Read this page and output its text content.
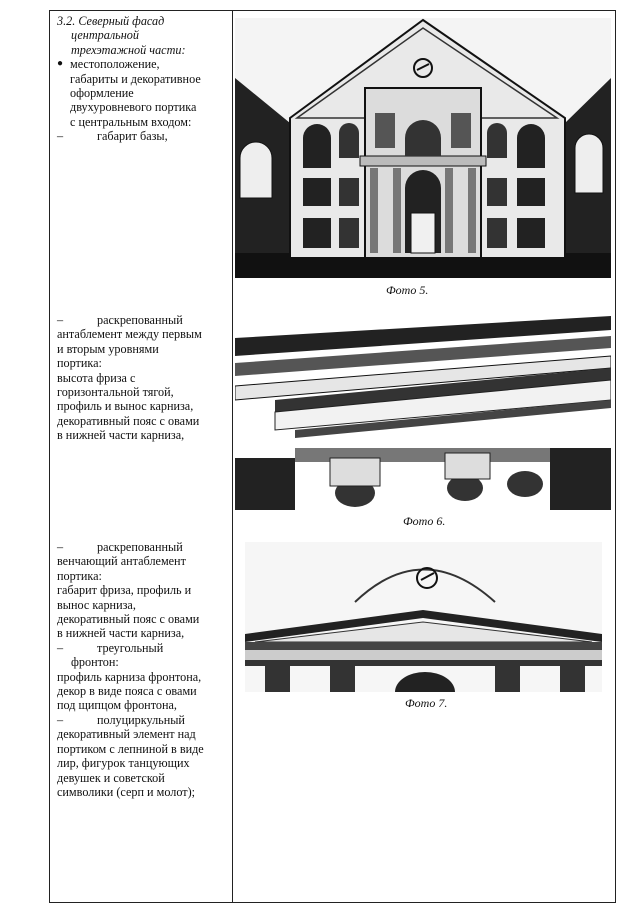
3.2. Северный фасад

центральной

трехэтажной части:

● местоположение,

габариты и декоративное

оформление

двухуровневого портика

с центральным входом:

–	габарит базы,
–	раскрепованный

антаблемент между первым

и вторым уровнями

портика:

высота фриза с

горизонтальной тягой,

профиль и вынос карниза,

декоративный пояс с овами

в нижней части карниза,

–	раскрепованный

венчающий антаблемент

портика:

габарит фриза, профиль и

вынос карниза,

декоративный пояс с овами

в нижней части карниза,

–	треугольный

фронтон:

профиль карниза фронтона,

декор в виде пояса с овами

под щипцом фронтона,

–	полуциркульный

декоративный элемент над

портиком с лепниной в виде

лир, фигурок танцующих

девушек и советской

символики (серп и молот);

Фото 5.
Фото 6.
Фото 7.
